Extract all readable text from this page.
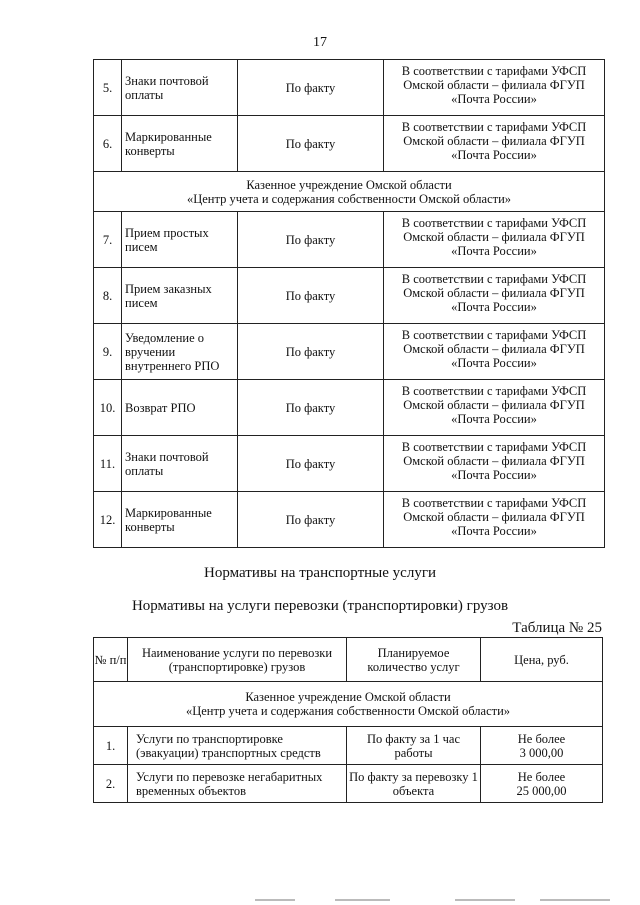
17
5.	Знаки почтовой оплаты	По факту	В соответствии с тарифами УФСП Омской области – филиала ФГУП «Почта России»
6.	Маркированные конверты	По факту	В соответствии с тарифами УФСП Омской области – филиала ФГУП «Почта России»

Казенное учреждение Омской области
«Центр учета и содержания собственности Омской области»			

7.	Прием простых писем	По факту	В соответствии с тарифами УФСП Омской области – филиала ФГУП «Почта России»
8.	Прием заказных писем	По факту	В соответствии с тарифами УФСП Омской области – филиала ФГУП «Почта России»
9.	Уведомление о вручении внутреннего РПО	По факту	В соответствии с тарифами УФСП Омской области – филиала ФГУП «Почта России»
10.	Возврат РПО	По факту	В соответствии с тарифами УФСП Омской области – филиала ФГУП «Почта России»
11.	Знаки почтовой оплаты	По факту	В соответствии с тарифами УФСП Омской области – филиала ФГУП «Почта России»
12.	Маркированные конверты	По факту	В соответствии с тарифами УФСП Омской области – филиала ФГУП «Почта России»
Нормативы на транспортные услуги
Нормативы на услуги перевозки (транспортировки) грузов
Таблица № 25
№ п/п	Наименование услуги по перевозки (транспортировке) грузов	Планируемое количество услуг	Цена, руб.

Казенное учреждение Омской области
«Центр учета и содержания собственности Омской области»			

1.	Услуги по транспортировке (эвакуации) транспортных средств	По факту за 1 час работы	Не более
3 000,00

2.	Услуги по перевозке негабаритных временных объектов	По факту за перевозку 1 объекта	Не более
25 000,00
